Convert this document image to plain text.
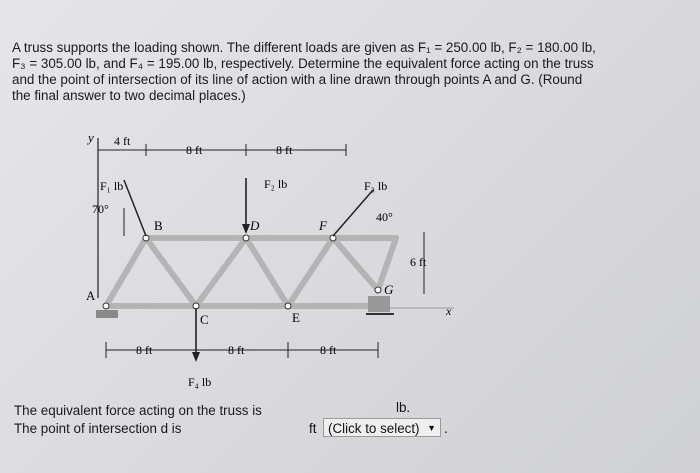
A truss supports the loading shown. The different loads are given as F₁ = 250.00 lb, F₂ = 180.00 lb,
F₃ = 305.00 lb, and F₄ = 195.00 lb, respectively. Determine the equivalent force acting on the truss
and the point of intersection of its line of action with a line drawn through points A and G. (Round
the final answer to two decimal places.)
y 4 ft
8 ft	8 ft
F₁ lb
70°
F₂ lb	F₃ lb
40°
F₄ lb
A
B
C
D
E
F
G
6 ft
x
8 ft	8 ft	8 ft
The equivalent force acting on the truss is	lb.
The point of intersection d is	ft (Click to select) ▼ .
